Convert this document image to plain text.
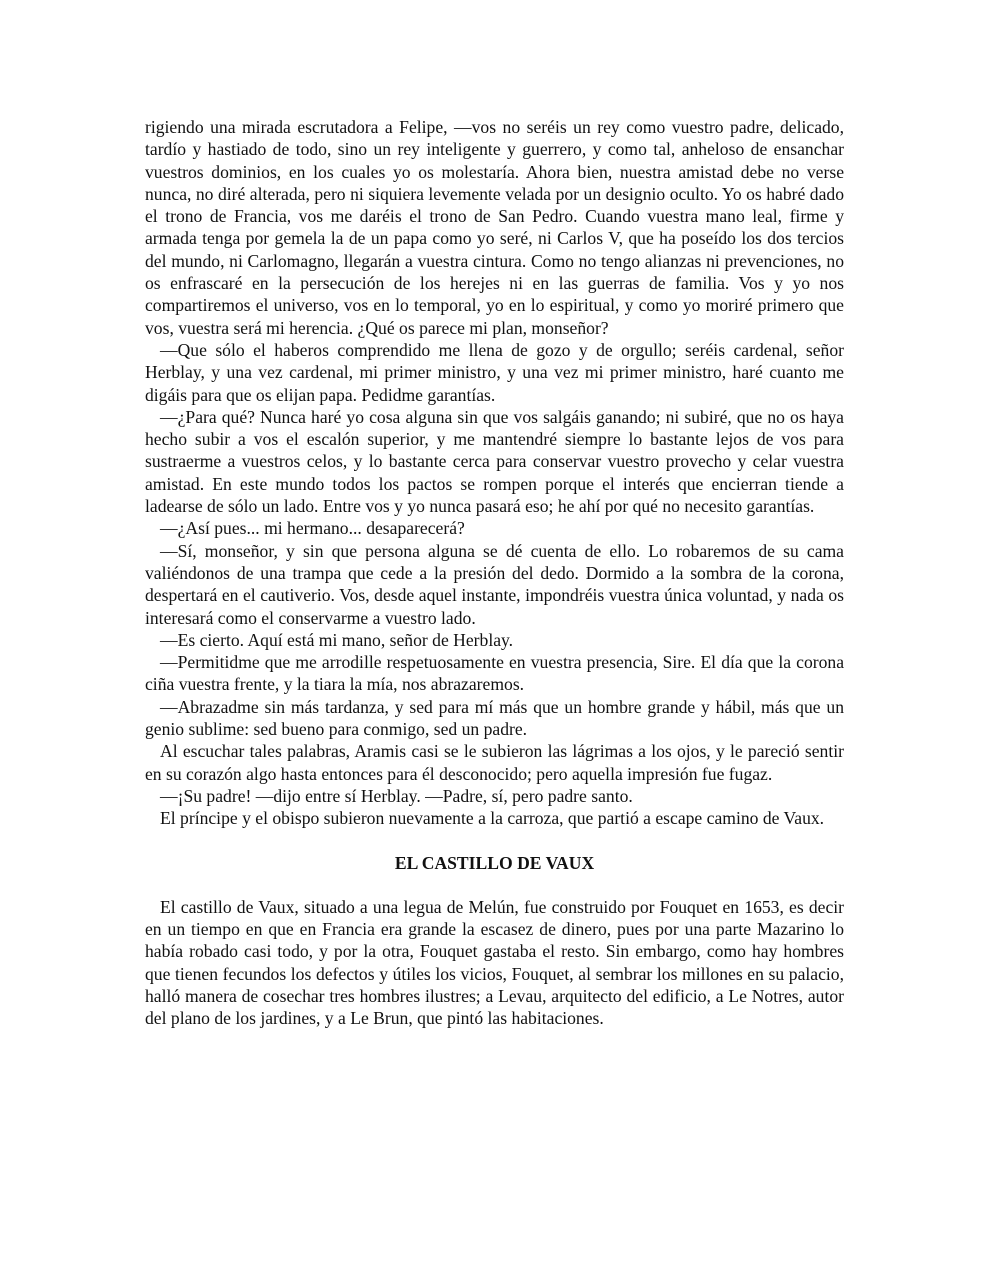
rigiendo una mirada escrutadora a Felipe, —vos no seréis un rey como vuestro padre, delicado, tardío y hastiado de todo, sino un rey inteligente y guerrero, y como tal, anheloso de ensanchar vuestros dominios, en los cuales yo os molestaría. Ahora bien, nuestra amistad debe no verse nunca, no diré alterada, pero ni siquiera levemente velada por un designio oculto. Yo os habré dado el trono de Francia, vos me daréis el trono de San Pedro. Cuando vuestra mano leal, firme y armada tenga por gemela la de un papa como yo seré, ni Carlos V, que ha poseído los dos tercios del mundo, ni Carlomagno, llegarán a vuestra cintura. Como no tengo alianzas ni prevenciones, no os enfrascaré en la persecución de los herejes ni en las guerras de familia. Vos y yo nos compartiremos el universo, vos en lo temporal, yo en lo espiritual, y como yo moriré primero que vos, vuestra será mi herencia. ¿Qué os parece mi plan, monseñor?

—Que sólo el haberos comprendido me llena de gozo y de orgullo; seréis cardenal, señor Herblay, y una vez cardenal, mi primer ministro, y una vez mi primer ministro, haré cuanto me digáis para que os elijan papa. Pedidme garantías.

—¿Para qué? Nunca haré yo cosa alguna sin que vos salgáis ganando; ni subiré, que no os haya hecho subir a vos el escalón superior, y me mantendré siempre lo bastante lejos de vos para sustraerme a vuestros celos, y lo bastante cerca para conservar vuestro provecho y celar vuestra amistad. En este mundo todos los pactos se rompen porque el interés que encierran tiende a ladearse de sólo un lado. Entre vos y yo nunca pasará eso; he ahí por qué no necesito garantías.

—¿Así pues... mi hermano... desaparecerá?

—Sí, monseñor, y sin que persona alguna se dé cuenta de ello. Lo robaremos de su cama valiéndonos de una trampa que cede a la presión del dedo. Dormido a la sombra de la corona, despertará en el cautiverio. Vos, desde aquel instante, impondréis vuestra única voluntad, y nada os interesará como el conservarme a vuestro lado.

—Es cierto. Aquí está mi mano, señor de Herblay.

—Permitidme que me arrodille respetuosamente en vuestra presencia, Sire. El día que la corona ciña vuestra frente, y la tiara la mía, nos abrazaremos.

—Abrazadme sin más tardanza, y sed para mí más que un hombre grande y hábil, más que un genio sublime: sed bueno para conmigo, sed un padre.

Al escuchar tales palabras, Aramis casi se le subieron las lágrimas a los ojos, y le pareció sentir en su corazón algo hasta entonces para él desconocido; pero aquella impresión fue fugaz.

—¡Su padre! —dijo entre sí Herblay. —Padre, sí, pero padre santo.

El príncipe y el obispo subieron nuevamente a la carroza, que partió a escape camino de Vaux.

EL CASTILLO DE VAUX

El castillo de Vaux, situado a una legua de Melún, fue construido por Fouquet en 1653, es decir en un tiempo en que en Francia era grande la escasez de dinero, pues por una parte Mazarino lo había robado casi todo, y por la otra, Fouquet gastaba el resto. Sin embargo, como hay hombres que tienen fecundos los defectos y útiles los vicios, Fouquet, al sembrar los millones en su palacio, halló manera de cosechar tres hombres ilustres; a Levau, arquitecto del edificio, a Le Notres, autor del plano de los jardines, y a Le Brun, que pintó las habitaciones.
